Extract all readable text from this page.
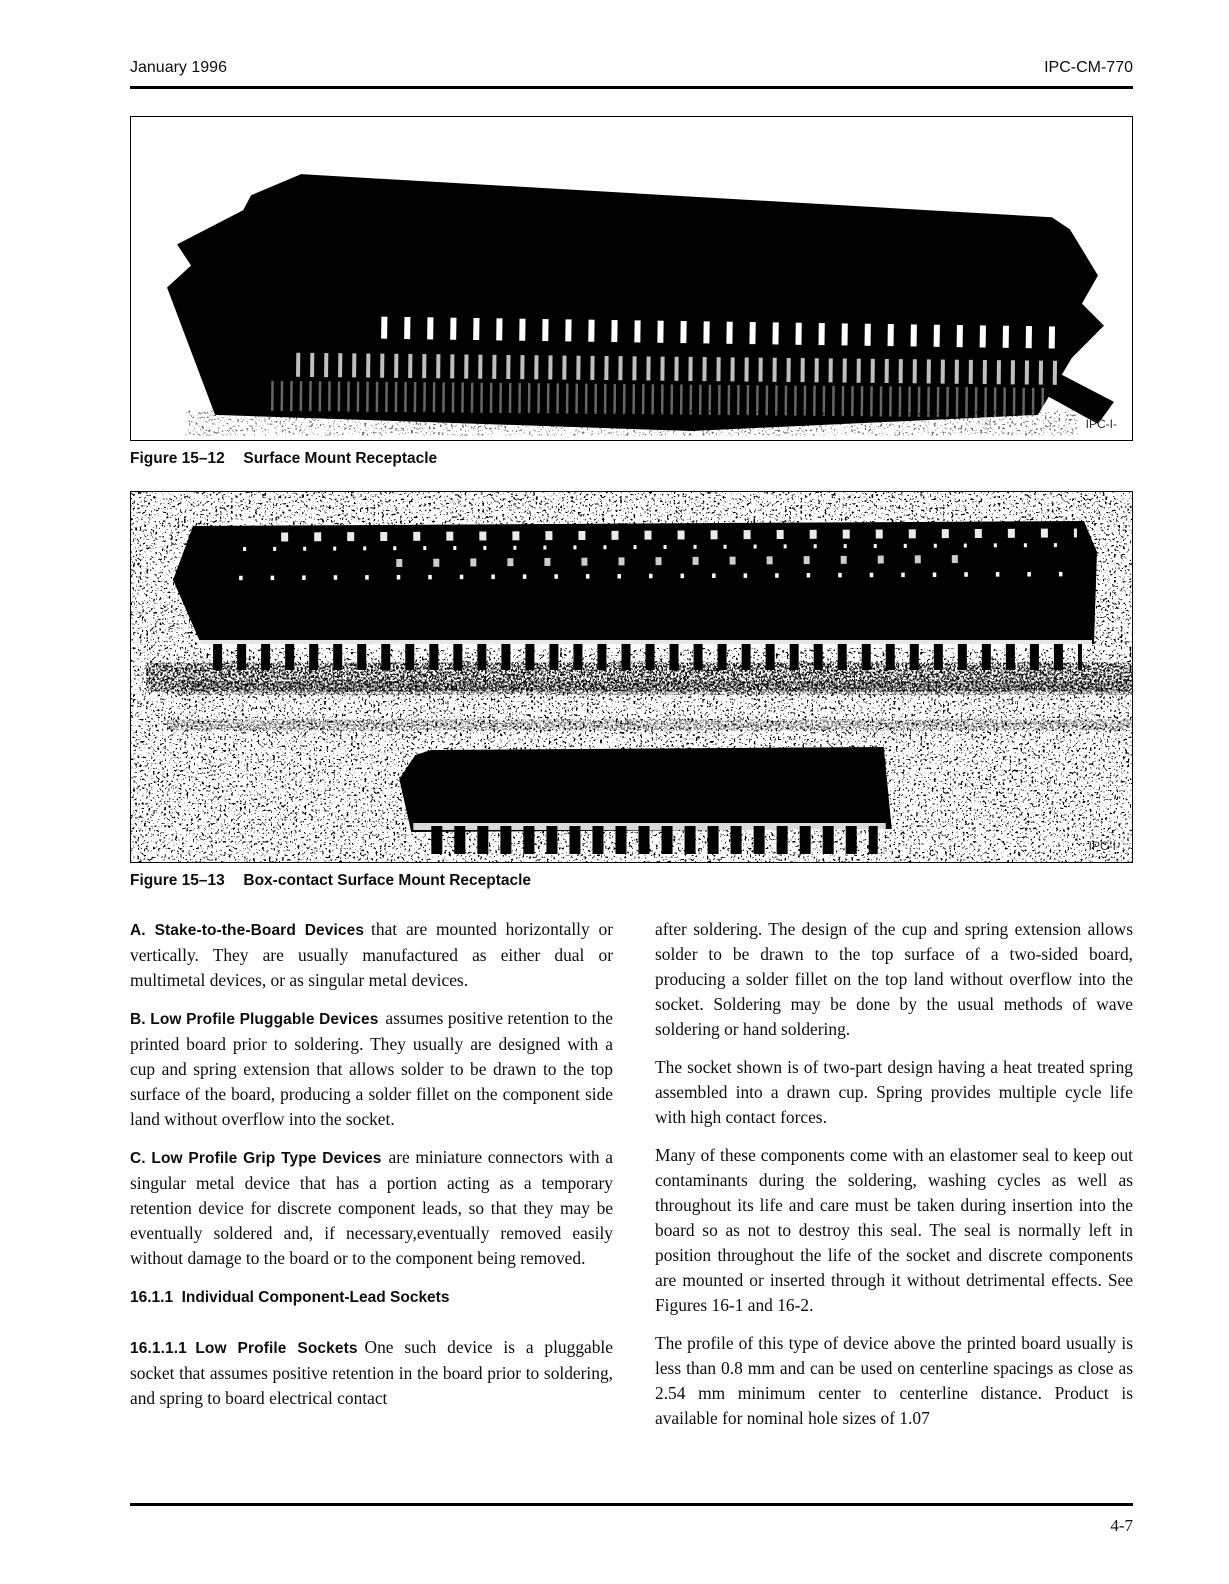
January 1996	IPC-CM-770
IPC-I-
Figure 15–12 Surface Mount Receptacle
IPC-I-
Figure 15–13 Box-contact Surface Mount Receptacle

A. Stake-to-the-Board Devices that are mounted horizontally or vertically. They are usually manufactured as either dual or multimetal devices, or as singular metal devices.

B. Low Profile Pluggable Devices assumes positive retention to the printed board prior to soldering. They usually are designed with a cup and spring extension that allows solder to be drawn to the top surface of the board, producing a solder fillet on the component side land without overflow into the socket.

C. Low Profile Grip Type Devices are miniature connectors with a singular metal device that has a portion acting as a temporary retention device for discrete component leads, so that they may be eventually soldered and, if necessary,eventually removed easily without damage to the board or to the component being removed.

16.1.1 Individual Component-Lead Sockets

16.1.1.1 Low Profile Sockets One such device is a pluggable socket that assumes positive retention in the board prior to soldering, and spring to board electrical contact

after soldering. The design of the cup and spring extension allows solder to be drawn to the top surface of a two-sided board, producing a solder fillet on the top land without overflow into the socket. Soldering may be done by the usual methods of wave soldering or hand soldering.

The socket shown is of two-part design having a heat treated spring assembled into a drawn cup. Spring provides multiple cycle life with high contact forces.

Many of these components come with an elastomer seal to keep out contaminants during the soldering, washing cycles as well as throughout its life and care must be taken during insertion into the board so as not to destroy this seal. The seal is normally left in position throughout the life of the socket and discrete components are mounted or inserted through it without detrimental effects. See Figures 16-1 and 16-2.

The profile of this type of device above the printed board usually is less than 0.8 mm and can be used on centerline spacings as close as 2.54 mm minimum center to centerline distance. Product is available for nominal hole sizes of 1.07

4-7
